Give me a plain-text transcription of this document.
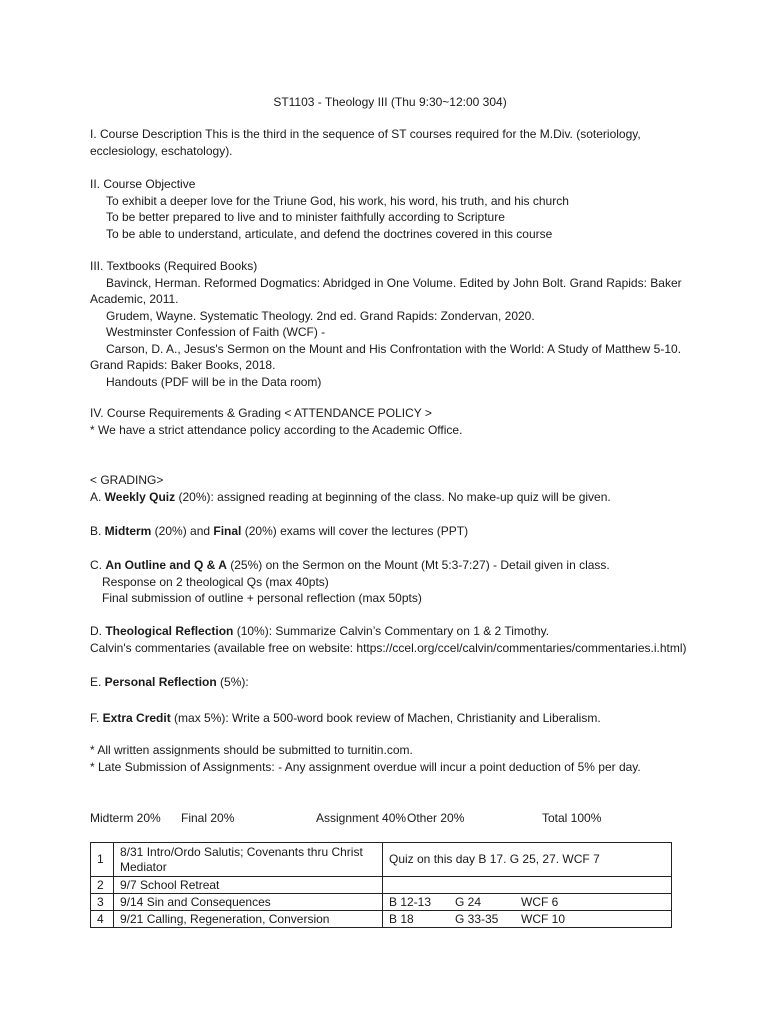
ST1103 - Theology III (Thu 9:30~12:00 304)
I. Course Description This is the third in the sequence of ST courses required for the M.Div. (soteriology, ecclesiology, eschatology).
II. Course Objective
To exhibit a deeper love for the Triune God, his work, his word, his truth, and his church
To be better prepared to live and to minister faithfully according to Scripture
To be able to understand, articulate, and defend the doctrines covered in this course
III. Textbooks (Required Books)
Bavinck, Herman. Reformed Dogmatics: Abridged in One Volume. Edited by John Bolt. Grand Rapids: Baker
Academic, 2011.
Grudem, Wayne. Systematic Theology. 2nd ed. Grand Rapids: Zondervan, 2020.
Westminster Confession of Faith (WCF) -
Carson, D. A., Jesus's Sermon on the Mount and His Confrontation with the World: A Study of Matthew 5-10.
Grand Rapids: Baker Books, 2018.
Handouts (PDF will be in the Data room)
IV. Course Requirements & Grading < ATTENDANCE POLICY >
* We have a strict attendance policy according to the Academic Office.
< GRADING>
A. Weekly Quiz (20%): assigned reading at beginning of the class. No make-up quiz will be given.
B. Midterm (20%) and Final (20%) exams will cover the lectures (PPT)
C. An Outline and Q & A (25%) on the Sermon on the Mount (Mt 5:3-7:27) - Detail given in class.
Response on 2 theological Qs (max 40pts)
Final submission of outline + personal reflection (max 50pts)
D. Theological Reflection (10%): Summarize Calvin’s Commentary on 1 & 2 Timothy.
Calvin's commentaries (available free on website: https://ccel.org/ccel/calvin/commentaries/commentaries.i.html)
E. Personal Reflection (5%):
F. Extra Credit (max 5%): Write a 500-word book review of Machen, Christianity and Liberalism.
* All written assignments should be submitted to turnitin.com.
* Late Submission of Assignments: - Any assignment overdue will incur a point deduction of 5% per day.
Midterm 20% Final 20%	Assignment 40% Other 20%	Total 100%
1	8/31 Intro/Ordo Salutis; Covenants thru Christ Mediator	Quiz on this day B 17. G 25, 27. WCF 7
2	9/7 School Retreat	
3	9/14 Sin and Consequences	B 12-13 G 24 WCF 6

4	9/21 Calling, Regeneration, Conversion	B 18 G 33-35 WCF 10
